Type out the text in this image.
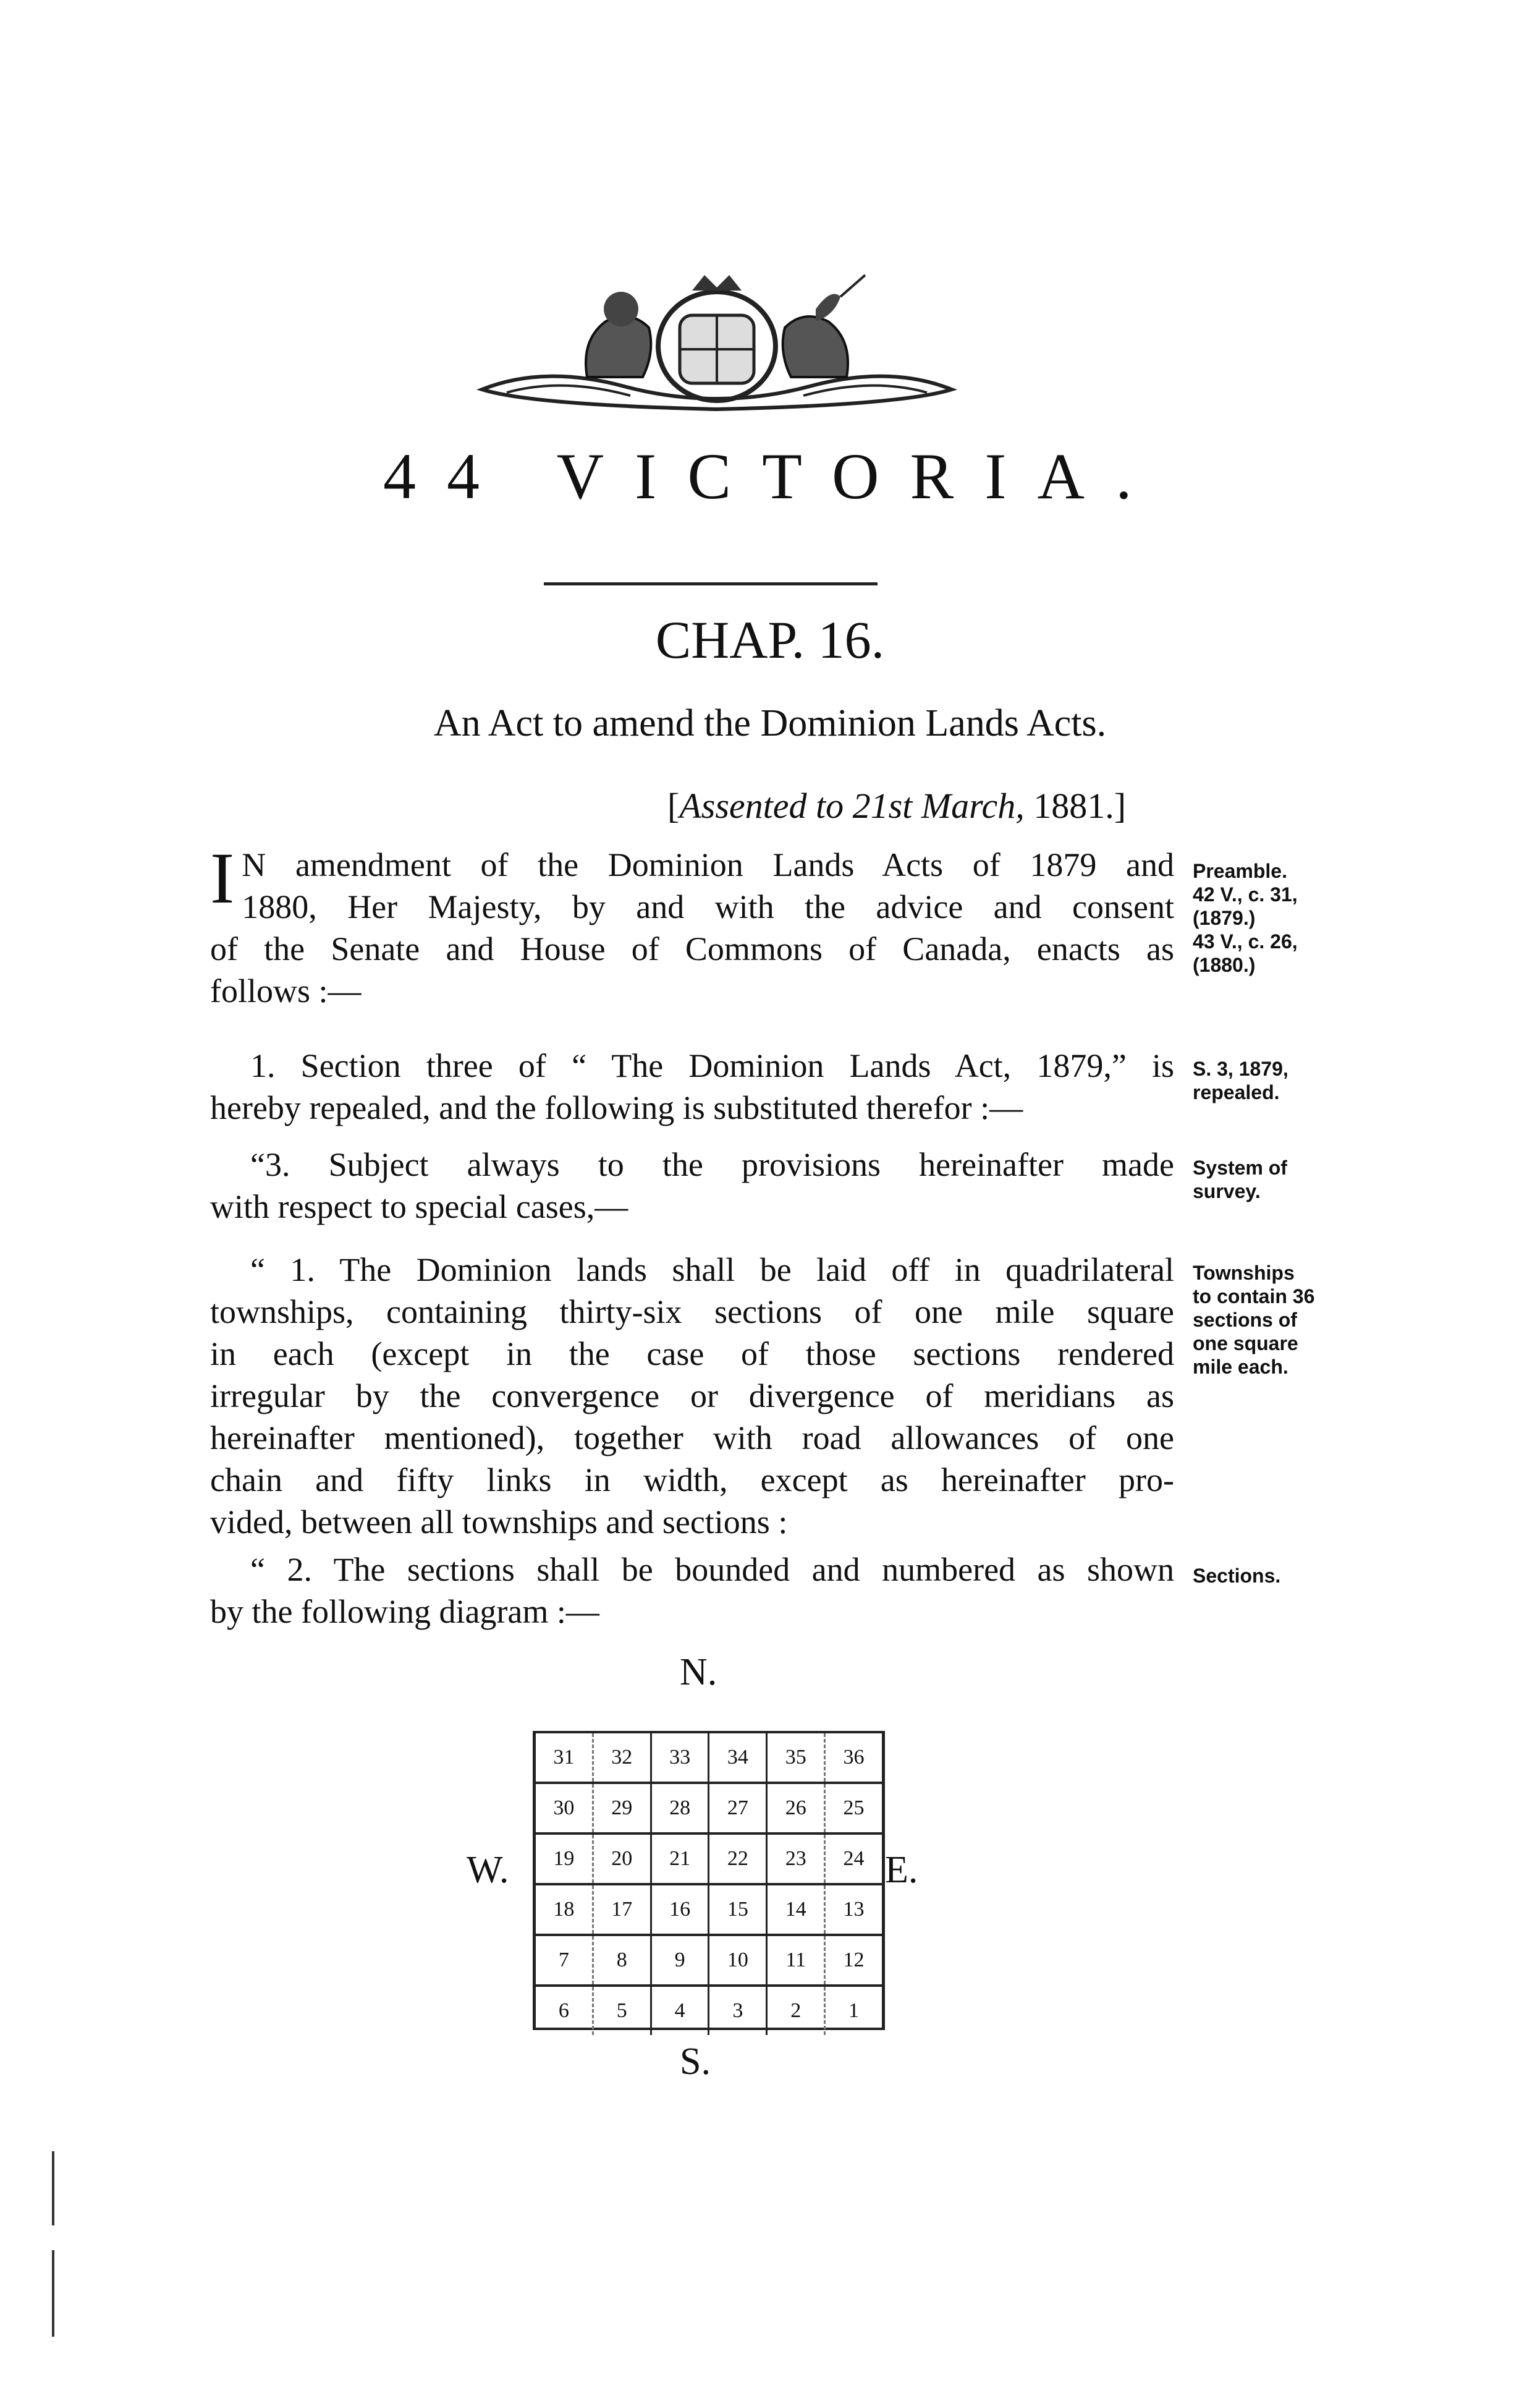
44 VICTORIA.
CHAP. 16.
An Act to amend the Dominion Lands Acts.
[Assented to 21st March, 1881.]
I N amendment of the Dominion Lands Acts of 1879 and
1880, Her Majesty, by and with the advice and consent
of the Senate and House of Commons of Canada, enacts as
follows :—
Preamble.
42 V., c. 31,
(1879.)
43 V., c. 26,
(1880.)
1. Section three of “ The Dominion Lands Act, 1879,” is
hereby repealed, and the following is substituted therefor :—
S. 3, 1879,
repealed.
“3. Subject always to the provisions hereinafter made
with respect to special cases,—
System of
survey.
“ 1. The Dominion lands shall be laid off in quadrilateral
townships, containing thirty-six sections of one mile square
in each (except in the case of those sections rendered
irregular by the convergence or divergence of meridians as
hereinafter mentioned), together with road allowances of one
chain and fifty links in width, except as hereinafter pro-
vided, between all townships and sections :
Townships
to contain 36
sections of
one square
mile each.
“ 2. The sections shall be bounded and numbered as shown
by the following diagram :—
Sections.
N.
W.	E.
S.
31	32	33	34	35	36
30	29	28	27	26	25
19	20	21	22	23	24
18	17	16	15	14	13
7	8	9	10	11	12
6	5	4	3	2	1
